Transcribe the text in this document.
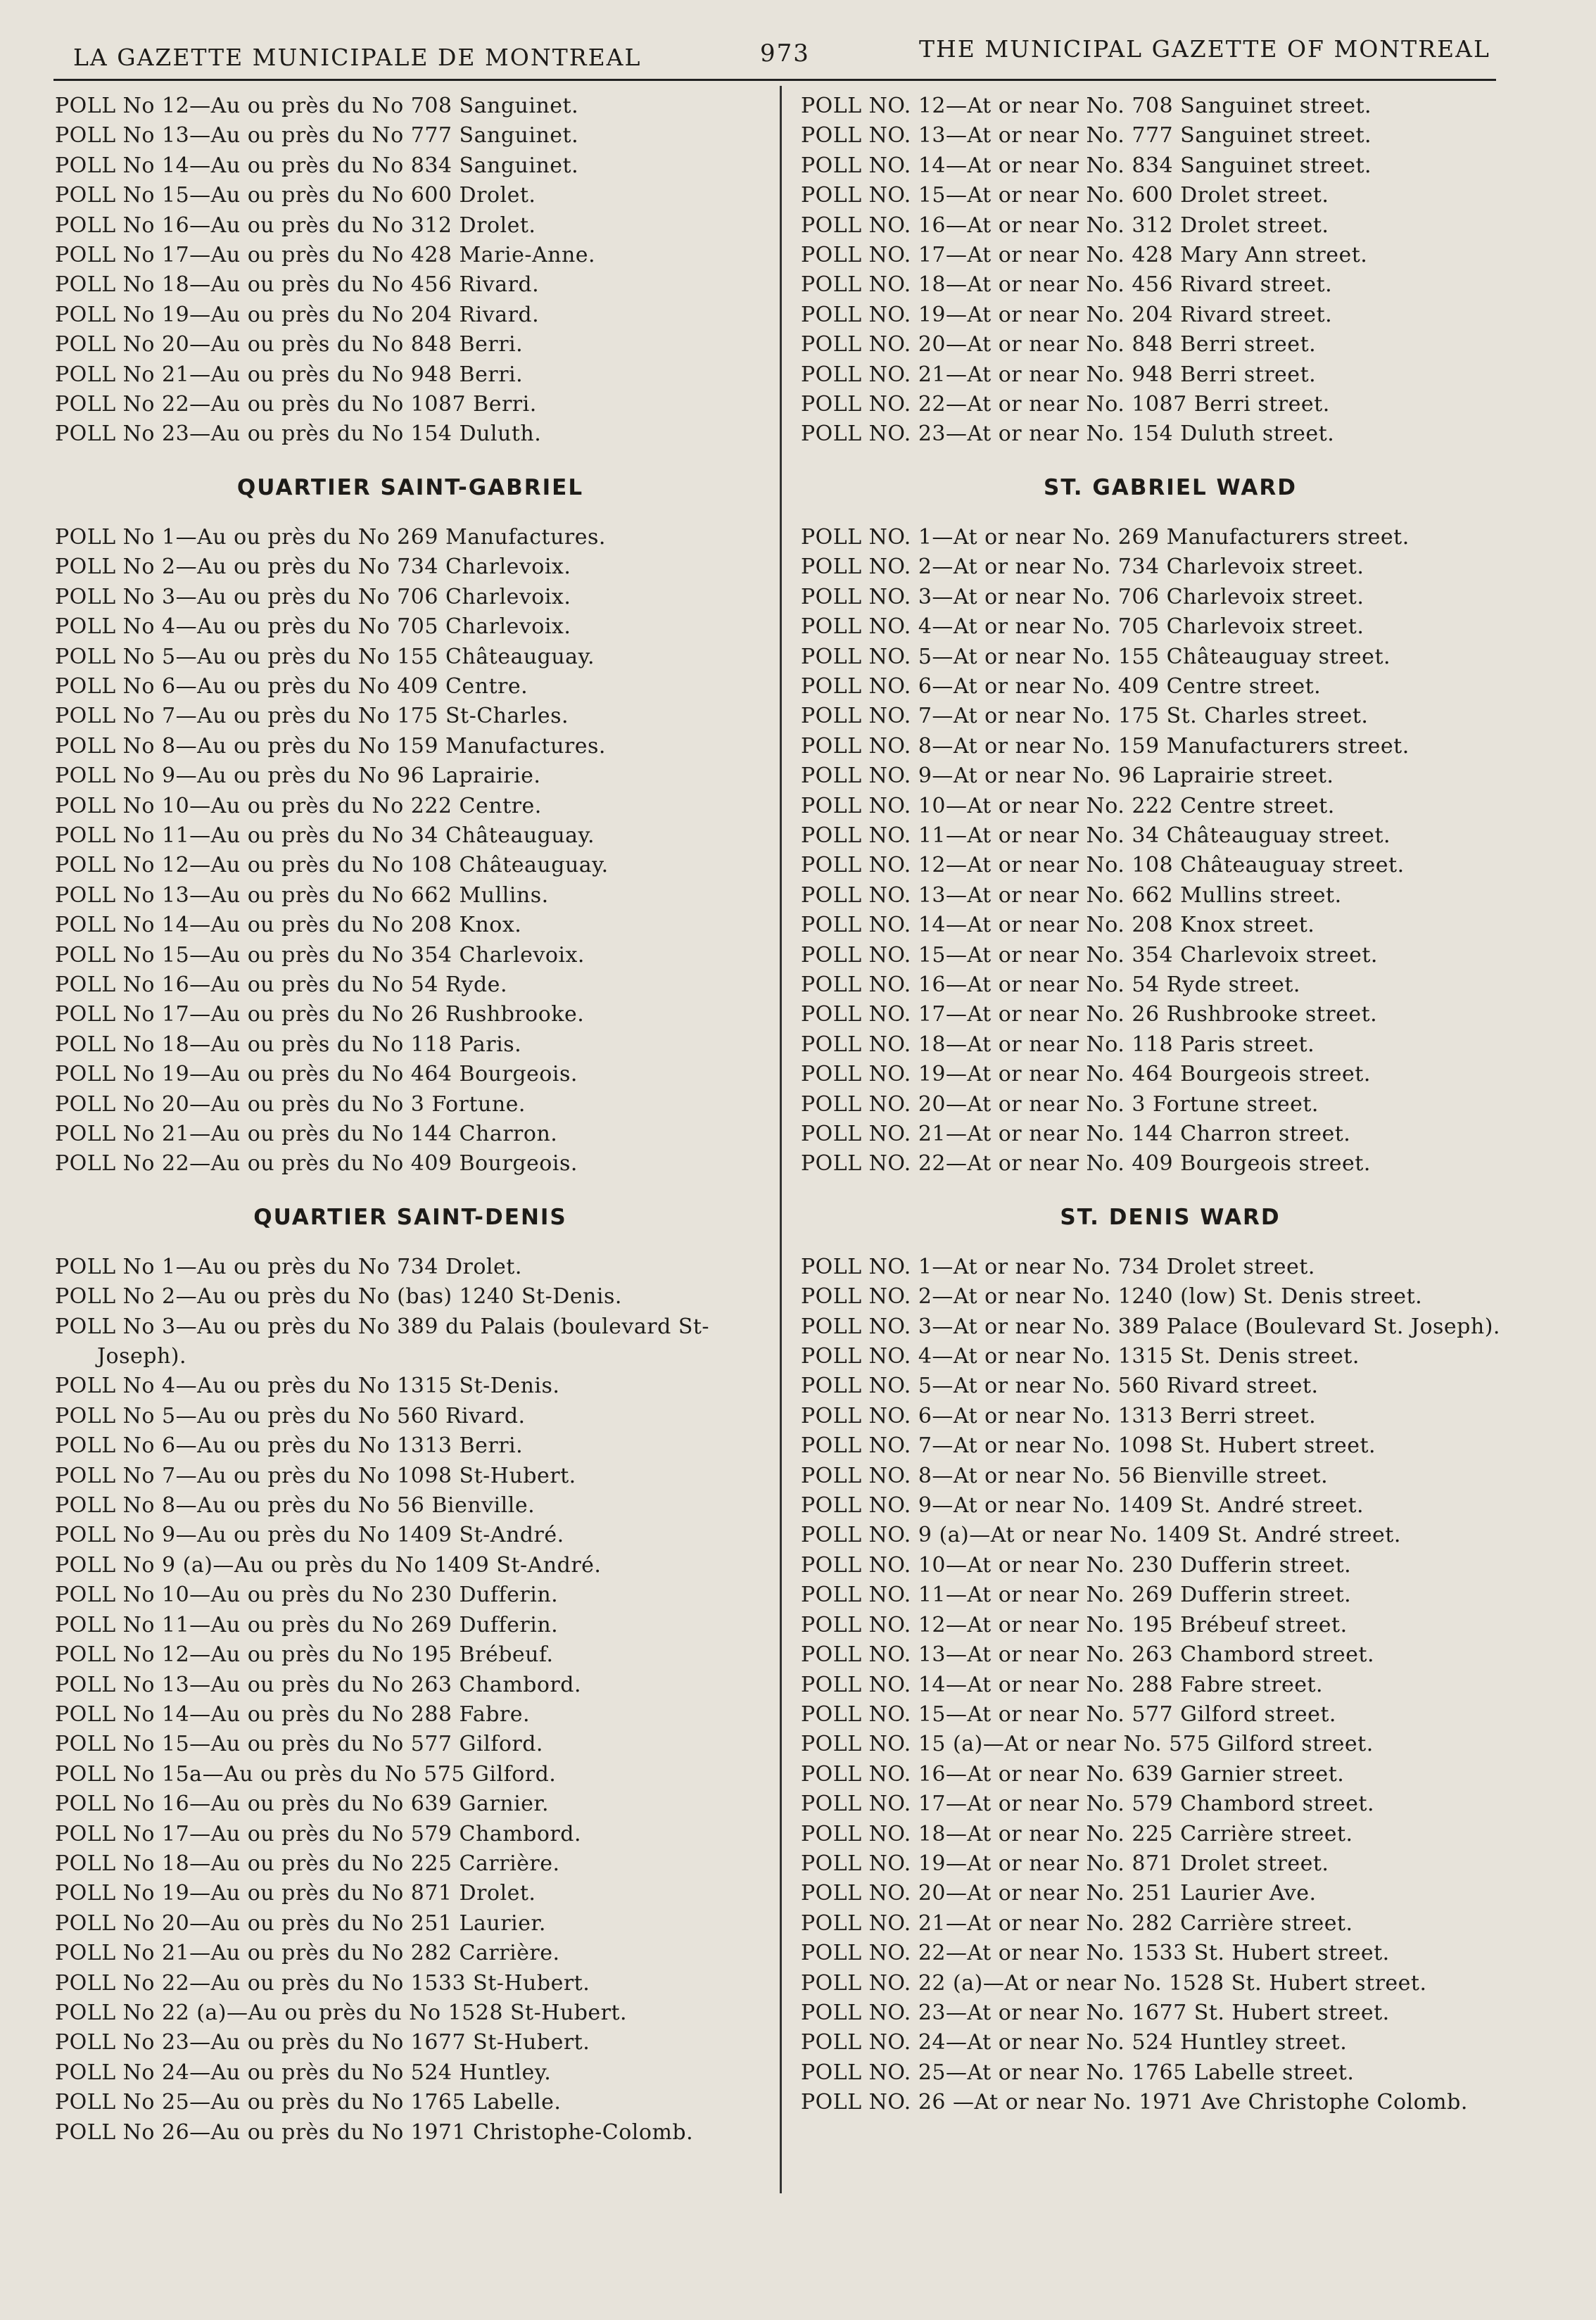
LA GAZETTE MUNICIPALE DE MONTREAL	973	THE MUNICIPAL GAZETTE OF MONTREAL
POLL No 12—Au ou près du No 708 Sanguinet.
POLL No 13—Au ou près du No 777 Sanguinet.
POLL No 14—Au ou près du No 834 Sanguinet.
POLL No 15—Au ou près du No 600 Drolet.
POLL No 16—Au ou près du No 312 Drolet.
POLL No 17—Au ou près du No 428 Marie-Anne.
POLL No 18—Au ou près du No 456 Rivard.
POLL No 19—Au ou près du No 204 Rivard.
POLL No 20—Au ou près du No 848 Berri.
POLL No 21—Au ou près du No 948 Berri.
POLL No 22—Au ou près du No 1087 Berri.
POLL No 23—Au ou près du No 154 Duluth.
QUARTIER SAINT-GABRIEL
POLL No 1—Au ou près du No 269 Manufactures.
POLL No 2—Au ou près du No 734 Charlevoix.
POLL No 3—Au ou près du No 706 Charlevoix.
POLL No 4—Au ou près du No 705 Charlevoix.
POLL No 5—Au ou près du No 155 Châteauguay.
POLL No 6—Au ou près du No 409 Centre.
POLL No 7—Au ou près du No 175 St-Charles.
POLL No 8—Au ou près du No 159 Manufactures.
POLL No 9—Au ou près du No 96 Laprairie.
POLL No 10—Au ou près du No 222 Centre.
POLL No 11—Au ou près du No 34 Châteauguay.
POLL No 12—Au ou près du No 108 Châteauguay.
POLL No 13—Au ou près du No 662 Mullins.
POLL No 14—Au ou près du No 208 Knox.
POLL No 15—Au ou près du No 354 Charlevoix.
POLL No 16—Au ou près du No 54 Ryde.
POLL No 17—Au ou près du No 26 Rushbrooke.
POLL No 18—Au ou près du No 118 Paris.
POLL No 19—Au ou près du No 464 Bourgeois.
POLL No 20—Au ou près du No 3 Fortune.
POLL No 21—Au ou près du No 144 Charron.
POLL No 22—Au ou près du No 409 Bourgeois.
QUARTIER SAINT-DENIS
POLL No 1—Au ou près du No 734 Drolet.
POLL No 2—Au ou près du No (bas) 1240 St-Denis.
POLL No 3—Au ou près du No 389 du Palais (boulevard St-Joseph).
POLL No 4—Au ou près du No 1315 St-Denis.
POLL No 5—Au ou près du No 560 Rivard.
POLL No 6—Au ou près du No 1313 Berri.
POLL No 7—Au ou près du No 1098 St-Hubert.
POLL No 8—Au ou près du No 56 Bienville.
POLL No 9—Au ou près du No 1409 St-André.
POLL No 9 (a)—Au ou près du No 1409 St-André.
POLL No 10—Au ou près du No 230 Dufferin.
POLL No 11—Au ou près du No 269 Dufferin.
POLL No 12—Au ou près du No 195 Brébeuf.
POLL No 13—Au ou près du No 263 Chambord.
POLL No 14—Au ou près du No 288 Fabre.
POLL No 15—Au ou près du No 577 Gilford.
POLL No 15a—Au ou près du No 575 Gilford.
POLL No 16—Au ou près du No 639 Garnier.
POLL No 17—Au ou près du No 579 Chambord.
POLL No 18—Au ou près du No 225 Carrière.
POLL No 19—Au ou près du No 871 Drolet.
POLL No 20—Au ou près du No 251 Laurier.
POLL No 21—Au ou près du No 282 Carrière.
POLL No 22—Au ou près du No 1533 St-Hubert.
POLL No 22 (a)—Au ou près du No 1528 St-Hubert.
POLL No 23—Au ou près du No 1677 St-Hubert.
POLL No 24—Au ou près du No 524 Huntley.
POLL No 25—Au ou près du No 1765 Labelle.
POLL No 26—Au ou près du No 1971 Christophe-Colomb.
POLL NO. 12—At or near No. 708 Sanguinet street.
POLL NO. 13—At or near No. 777 Sanguinet street.
POLL NO. 14—At or near No. 834 Sanguinet street.
POLL NO. 15—At or near No. 600 Drolet street.
POLL NO. 16—At or near No. 312 Drolet street.
POLL NO. 17—At or near No. 428 Mary Ann street.
POLL NO. 18—At or near No. 456 Rivard street.
POLL NO. 19—At or near No. 204 Rivard street.
POLL NO. 20—At or near No. 848 Berri street.
POLL NO. 21—At or near No. 948 Berri street.
POLL NO. 22—At or near No. 1087 Berri street.
POLL NO. 23—At or near No. 154 Duluth street.
ST. GABRIEL WARD
POLL NO. 1—At or near No. 269 Manufacturers street.
POLL NO. 2—At or near No. 734 Charlevoix street.
POLL NO. 3—At or near No. 706 Charlevoix street.
POLL NO. 4—At or near No. 705 Charlevoix street.
POLL NO. 5—At or near No. 155 Châteauguay street.
POLL NO. 6—At or near No. 409 Centre street.
POLL NO. 7—At or near No. 175 St. Charles street.
POLL NO. 8—At or near No. 159 Manufacturers street.
POLL NO. 9—At or near No. 96 Laprairie street.
POLL NO. 10—At or near No. 222 Centre street.
POLL NO. 11—At or near No. 34 Châteauguay street.
POLL NO. 12—At or near No. 108 Châteauguay street.
POLL NO. 13—At or near No. 662 Mullins street.
POLL NO. 14—At or near No. 208 Knox street.
POLL NO. 15—At or near No. 354 Charlevoix street.
POLL NO. 16—At or near No. 54 Ryde street.
POLL NO. 17—At or near No. 26 Rushbrooke street.
POLL NO. 18—At or near No. 118 Paris street.
POLL NO. 19—At or near No. 464 Bourgeois street.
POLL NO. 20—At or near No. 3 Fortune street.
POLL NO. 21—At or near No. 144 Charron street.
POLL NO. 22—At or near No. 409 Bourgeois street.
ST. DENIS WARD
POLL NO. 1—At or near No. 734 Drolet street.
POLL NO. 2—At or near No. 1240 (low) St. Denis street.
POLL NO. 3—At or near No. 389 Palace (Boulevard St. Joseph).
POLL NO. 4—At or near No. 1315 St. Denis street.
POLL NO. 5—At or near No. 560 Rivard street.
POLL NO. 6—At or near No. 1313 Berri street.
POLL NO. 7—At or near No. 1098 St. Hubert street.
POLL NO. 8—At or near No. 56 Bienville street.
POLL NO. 9—At or near No. 1409 St. André street.
POLL NO. 9 (a)—At or near No. 1409 St. André street.
POLL NO. 10—At or near No. 230 Dufferin street.
POLL NO. 11—At or near No. 269 Dufferin street.
POLL NO. 12—At or near No. 195 Brébeuf street.
POLL NO. 13—At or near No. 263 Chambord street.
POLL NO. 14—At or near No. 288 Fabre street.
POLL NO. 15—At or near No. 577 Gilford street.
POLL NO. 15 (a)—At or near No. 575 Gilford street.
POLL NO. 16—At or near No. 639 Garnier street.
POLL NO. 17—At or near No. 579 Chambord street.
POLL NO. 18—At or near No. 225 Carrière street.
POLL NO. 19—At or near No. 871 Drolet street.
POLL NO. 20—At or near No. 251 Laurier Ave.
POLL NO. 21—At or near No. 282 Carrière street.
POLL NO. 22—At or near No. 1533 St. Hubert street.
POLL NO. 22 (a)—At or near No. 1528 St. Hubert street.
POLL NO. 23—At or near No. 1677 St. Hubert street.
POLL NO. 24—At or near No. 524 Huntley street.
POLL NO. 25—At or near No. 1765 Labelle street.
POLL NO. 26 —At or near No. 1971 Ave Christophe Colomb.
